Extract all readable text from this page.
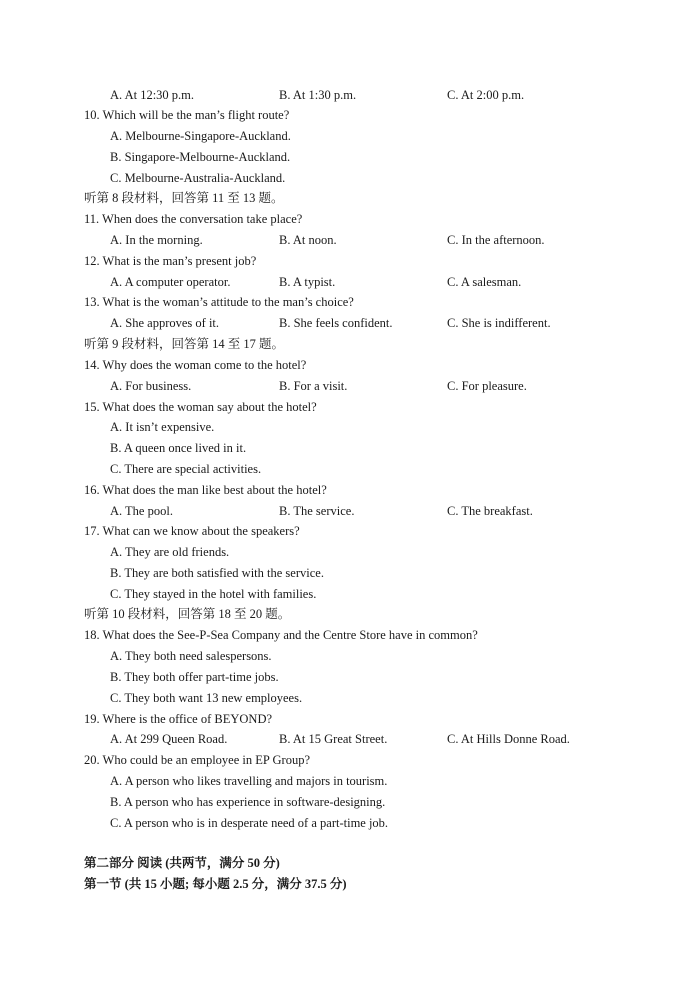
A. At 12:30 p.m.	B. At 1:30 p.m.	C. At 2:00 p.m.
10. Which will be the man’s flight route?
A. Melbourne-Singapore-Auckland.
B. Singapore-Melbourne-Auckland.
C. Melbourne-Australia-Auckland.
听第 8 段材料，回答第 11 至 13 题。
11. When does the conversation take place?
A. In the morning.	B. At noon.	C. In the afternoon.
12. What is the man’s present job?
A. A computer operator.	B. A typist.	C. A salesman.
13. What is the woman’s attitude to the man’s choice?
A. She approves of it.	B. She feels confident.	C. She is indifferent.
听第 9 段材料，回答第 14 至 17 题。
14. Why does the woman come to the hotel?
A. For business.	B. For a visit.	C. For pleasure.
15. What does the woman say about the hotel?
A. It isn’t expensive.
B. A queen once lived in it.
C. There are special activities.
16. What does the man like best about the hotel?
A. The pool.	B. The service.	C. The breakfast.
17. What can we know about the speakers?
A. They are old friends.
B. They are both satisfied with the service.
C. They stayed in the hotel with families.
听第 10 段材料，回答第 18 至 20 题。
18. What does the See-P-Sea Company and the Centre Store have in common?
A. They both need salespersons.
B. They both offer part-time jobs.
C. They both want 13 new employees.
19. Where is the office of BEYOND?
A. At 299 Queen Road.	B. At 15 Great Street.	C. At Hills Donne Road.
20. Who could be an employee in EP Group?
A. A person who likes travelling and majors in tourism.
B. A person who has experience in software-designing.
C. A person who is in desperate need of a part-time job.
第二部分 阅读 (共两节，满分 50 分)
第一节 (共 15 小题; 每小题 2.5 分，满分 37.5 分)
